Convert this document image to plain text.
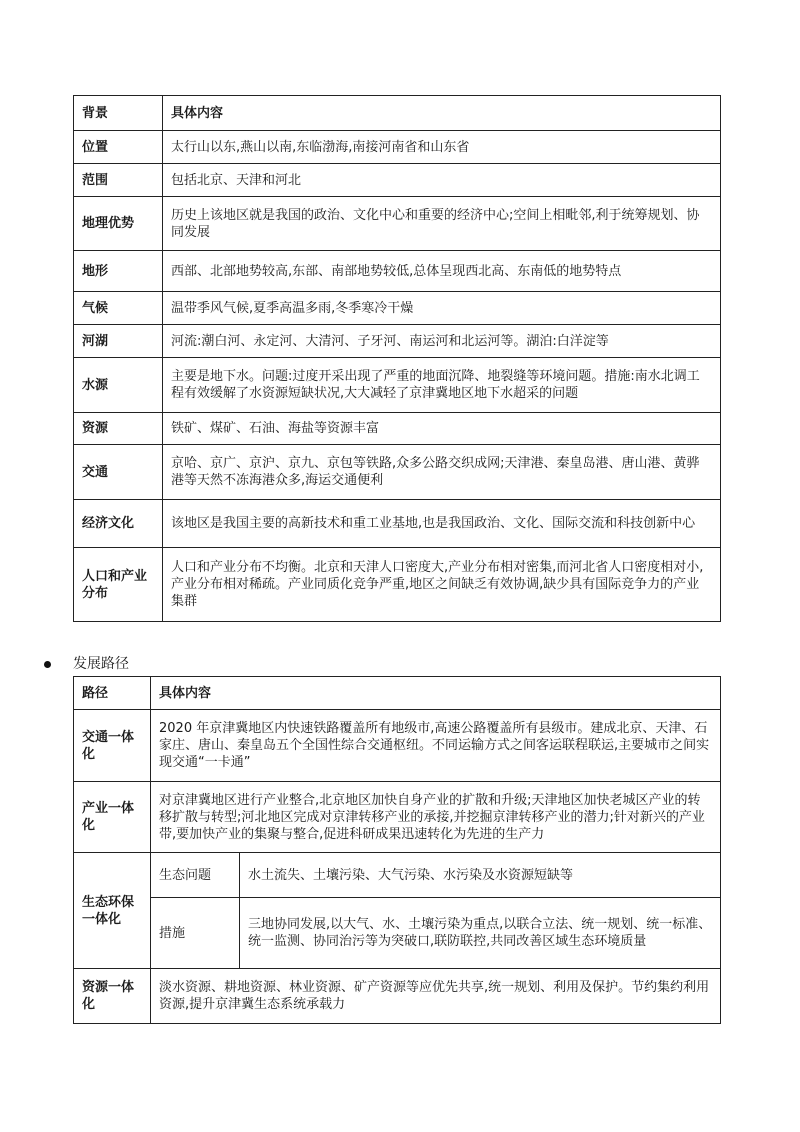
背景	具体内容
位置	太行山以东,燕山以南,东临渤海,南接河南省和山东省
范围	包括北京、天津和河北
地理优势	历史上该地区就是我国的政治、文化中心和重要的经济中心;空间上相毗邻,利于统筹规划、协同发展
地形	西部、北部地势较高,东部、南部地势较低,总体呈现西北高、东南低的地势特点
气候	温带季风气候,夏季高温多雨,冬季寒冷干燥
河湖	河流:潮白河、永定河、大清河、子牙河、南运河和北运河等。湖泊:白洋淀等
水源	主要是地下水。问题:过度开采出现了严重的地面沉降、地裂缝等环境问题。措施:南水北调工程有效缓解了水资源短缺状况,大大减轻了京津冀地区地下水超采的问题
资源	铁矿、煤矿、石油、海盐等资源丰富
交通	京哈、京广、京沪、京九、京包等铁路,众多公路交织成网;天津港、秦皇岛港、唐山港、黄骅港等天然不冻海港众多,海运交通便利
经济文化	该地区是我国主要的高新技术和重工业基地,也是我国政治、文化、国际交流和科技创新中心
人口和产业分布	人口和产业分布不均衡。北京和天津人口密度大,产业分布相对密集,而河北省人口密度相对小,产业分布相对稀疏。产业同质化竞争严重,地区之间缺乏有效协调,缺少具有国际竞争力的产业集群
发展路径
路径	具体内容	
交通一体化	2020 年京津冀地区内快速铁路覆盖所有地级市,高速公路覆盖所有县级市。建成北京、天津、石家庄、唐山、秦皇岛五个全国性综合交通枢纽。不同运输方式之间客运联程联运,主要城市之间实现交通“一卡通”	
产业一体化	对京津冀地区进行产业整合,北京地区加快自身产业的扩散和升级;天津地区加快老城区产业的转移扩散与转型;河北地区完成对京津转移产业的承接,并挖掘京津转移产业的潜力;针对新兴的产业带,要加快产业的集聚与整合,促进科研成果迅速转化为先进的生产力	
生态环保一体化	生态问题	水土流失、土壤污染、大气污染、水污染及水资源短缺等
	措施	三地协同发展,以大气、水、土壤污染为重点,以联合立法、统一规划、统一标准、统一监测、协同治污等为突破口,联防联控,共同改善区域生态环境质量
资源一体化	淡水资源、耕地资源、林业资源、矿产资源等应优先共享,统一规划、利用及保护。节约集约利用资源,提升京津冀生态系统承载力	
